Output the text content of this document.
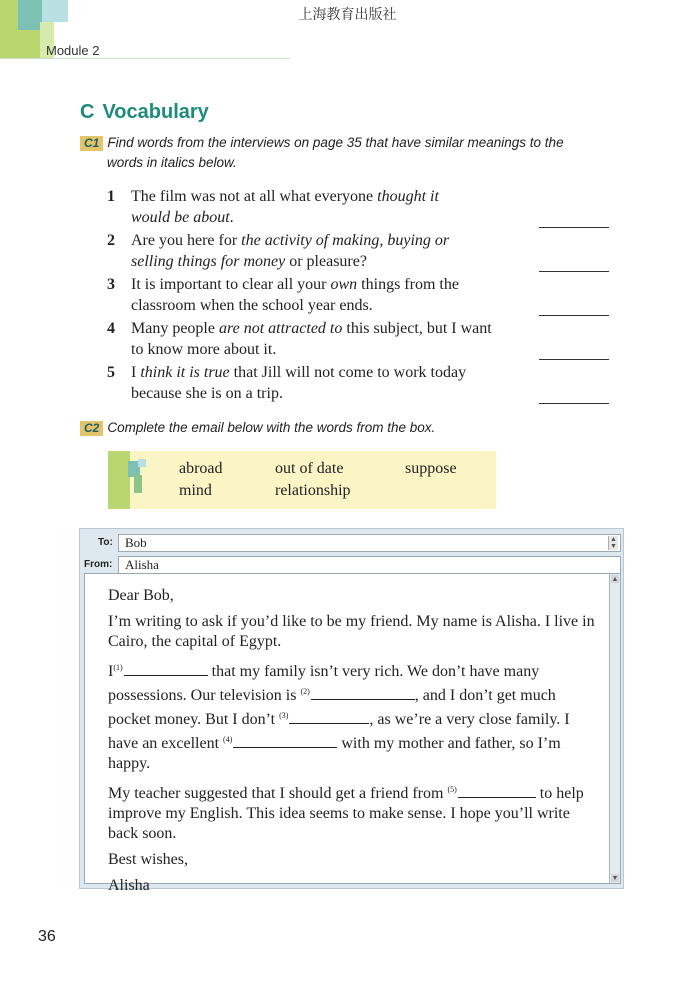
上海教育出版社
Module 2
C Vocabulary
C1 Find words from the interviews on page 35 that have similar meanings to the
words in italics below.
1 The film was not at all what everyone thought it
would be about.
2 Are you here for the activity of making, buying or
selling things for money or pleasure?
3 It is important to clear all your own things from the
classroom when the school year ends.
4 Many people are not attracted to this subject, but I want
to know more about it.
5 I think it is true that Jill will not come to work today
because she is on a trip.
C2 Complete the email below with the words from the box.
abroad	out of date	suppose
mind	relationship
To: Bob	▲
▼
From: Alisha
▲
▼

Dear Bob,

I’m writing to ask if you’d like to be my friend. My name is Alisha. I live in Cairo, the capital of Egypt.

I$^{(1)}$	that my family isn’t very rich. We don’t have many possessions. Our television is $^{(2)}$	, and I don’t get much pocket money. But I don’t $^{(3)}$	, as we’re a very close family. I have an excellent $^{(4)}$	with my mother and father, so I’m happy.

My teacher suggested that I should get a friend from $^{(5)}$	to help improve my English. This idea seems to make sense. I hope you’ll write back soon.

Best wishes,

Alisha

36
